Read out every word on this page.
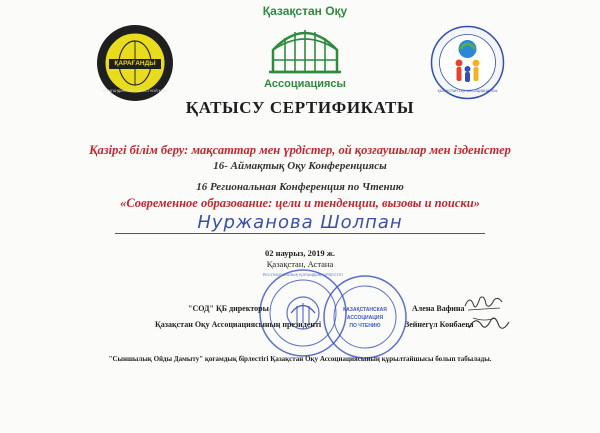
2002
ҚАРАҒАНДЫ
КАРАГАНДИНСКИЙ ОБЛАСТНОЙ КЛУБ
Қазақстан Оқу
Ассоциациясы
ҚАЗАҚСТАН ОҚУ АССОЦИАЦИЯСЫ
ҚАТЫСУ СЕРТИФИКАТЫ
Қазіргі білім беру: мақсаттар мен үрдістер, ой қозғаушылар мен ізденістер
16- Аймақтық Оқу Конференциясы
16 Региональная Конференция по Чтению
«Современное образование: цели и тенденции, вызовы и поиски»
Нуржанова Шолпан
02 наурыз, 2019 ж.
Қазақстан, Астана
РЕСПУБЛИКАЛЫҚ ҚОҒАМДЫҚ БІРЛЕСТІГІ
ҚАЗАҚСТАНСКАЯ
АССОЦИАЦИЯ
ПО ЧТЕНИЮ
"СОД" ҚБ директоры
Қазақстан Оқу Ассоциациясының президенті
Алена Вафина
Зейнегүл Конбаева
"Сыншылық Ойды Дамыту" қоғамдық бірлестігі Қазақстан Оқу Ассоциациясының құрылтайшысы болып табылады.
